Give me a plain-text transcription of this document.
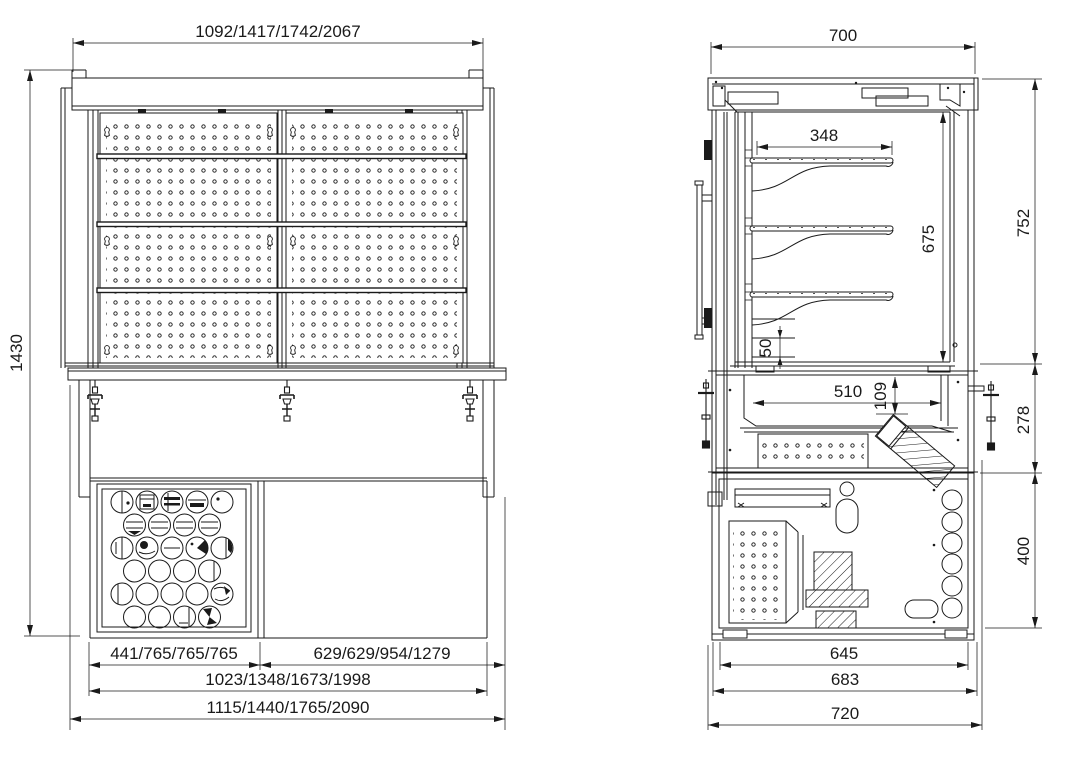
1092/1417/1742/2067
1430
441/765/765/765	629/629/954/1279
1023/1348/1673/1998
1115/1440/1765/2090
700
348
675
50
510 109
752
278
400
645
683
720
